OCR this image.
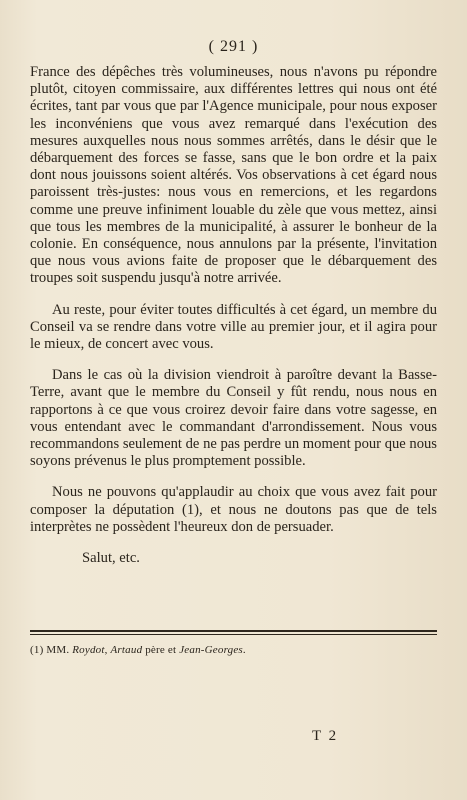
( 291 )

France des dépêches très volumineuses, nous n'avons pu répondre plutôt, citoyen commissaire, aux différentes lettres qui nous ont été écrites, tant par vous que par l'Agence municipale, pour nous exposer les inconvéniens que vous avez remarqué dans l'exécution des mesures auxquelles nous nous sommes arrêtés, dans le désir que le débarquement des forces se fasse, sans que le bon ordre et la paix dont nous jouissons soient altérés. Vos observations à cet égard nous paroissent très-justes: nous vous en remercions, et les regardons comme une preuve infiniment louable du zèle que vous mettez, ainsi que tous les membres de la municipalité, à assurer le bonheur de la colonie. En conséquence, nous annulons par la présente, l'invitation que nous vous avions faite de proposer que le débarquement des troupes soit suspendu jusqu'à notre arrivée.

Au reste, pour éviter toutes difficultés à cet égard, un membre du Conseil va se rendre dans votre ville au premier jour, et il agira pour le mieux, de concert avec vous.

Dans le cas où la division viendroit à paroître devant la Basse-Terre, avant que le membre du Conseil y fût rendu, nous nous en rapportons à ce que vous croirez devoir faire dans votre sagesse, en vous entendant avec le commandant d'arrondissement. Nous vous recommandons seulement de ne pas perdre un moment pour que nous soyons prévenus le plus promptement possible.

Nous ne pouvons qu'applaudir au choix que vous avez fait pour composer la députation (1), et nous ne doutons pas que de tels interprètes ne possèdent l'heureux don de persuader.

Salut, etc.

(1) MM. Roydot, Artaud père et Jean-Georges.
T 2
